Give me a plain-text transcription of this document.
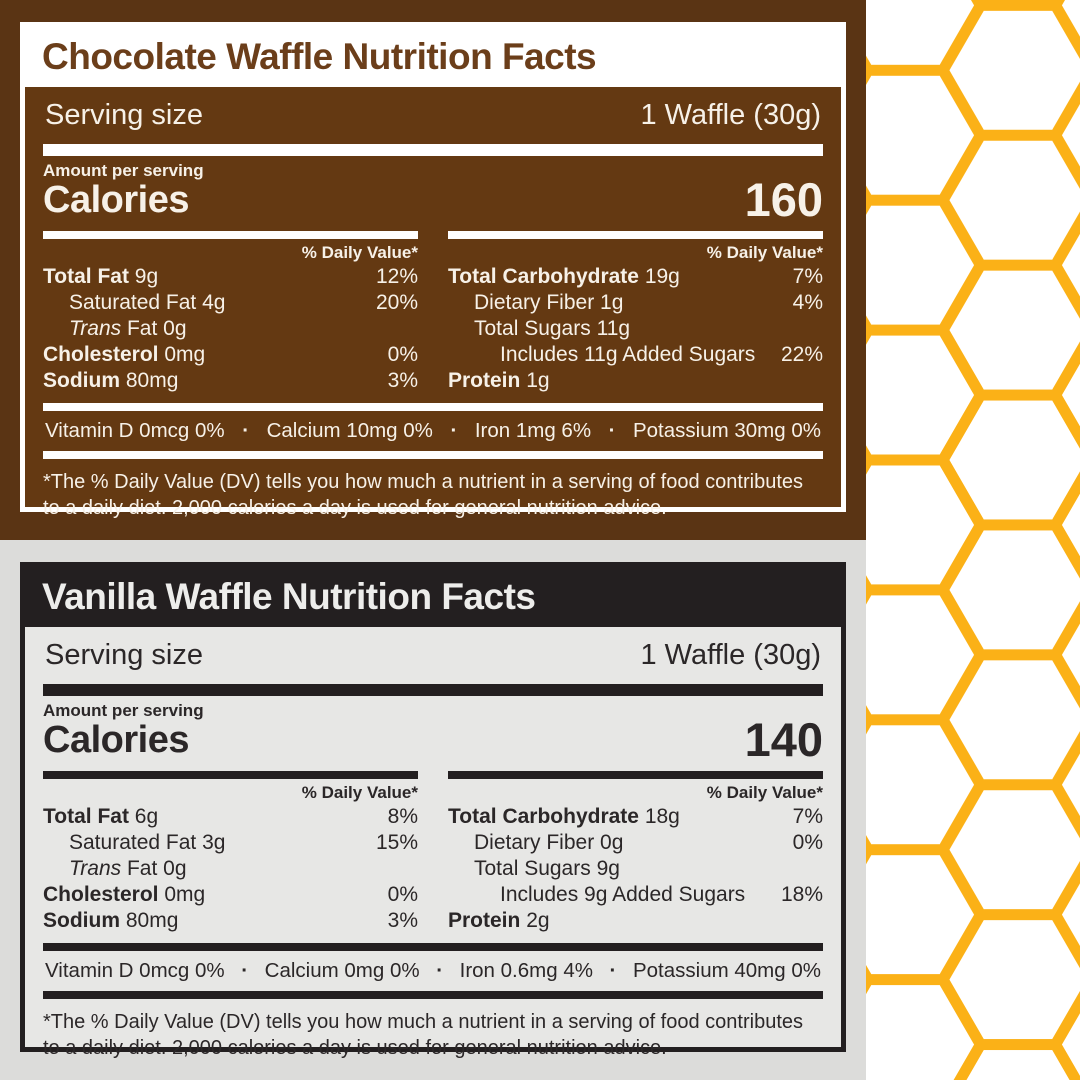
Chocolate Waffle Nutrition Facts
Serving size	1 Waffle (30g)
Amount per serving
Calories	160
% Daily Value*
Total Fat 9g	12%
Saturated Fat 4g	20%
Trans Fat 0g
Cholesterol 0mg	0%
Sodium 80mg	3%
% Daily Value*
Total Carbohydrate 19g	7%
Dietary Fiber 1g	4%
Total Sugars 11g
Includes 11g Added Sugars 22%
Protein 1g
Vitamin D 0mcg 0% · Calcium 10mg 0% · Iron 1mg 6% · Potassium 30mg 0%

*The % Daily Value (DV) tells you how much a nutrient in a serving of food contributes to a daily diet. 2,000 calories a day is used for general nutrition advice.

Vanilla Waffle Nutrition Facts
Serving size	1 Waffle (30g)
Amount per serving
Calories	140
% Daily Value*
Total Fat 6g	8%
Saturated Fat 3g	15%
Trans Fat 0g
Cholesterol 0mg	0%
Sodium 80mg	3%
% Daily Value*
Total Carbohydrate 18g	7%
Dietary Fiber 0g	0%
Total Sugars 9g
Includes 9g Added Sugars 18%
Protein 2g
Vitamin D 0mcg 0% · Calcium 0mg 0% · Iron 0.6mg 4% · Potassium 40mg 0%

*The % Daily Value (DV) tells you how much a nutrient in a serving of food contributes to a daily diet. 2,000 calories a day is used for general nutrition advice.
